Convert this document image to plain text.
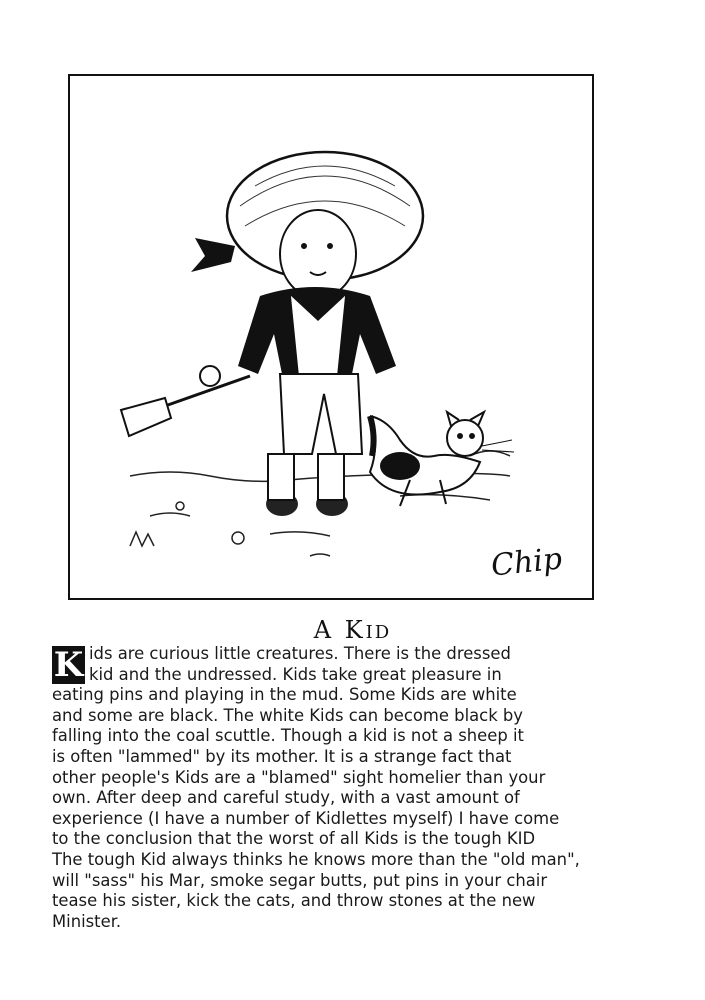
Chip
A KID
K ids are curious little creatures. There is the dressed
kid and the undressed. Kids take great pleasure in
eating pins and playing in the mud. Some Kids are white
and some are black. The white Kids can become black by
falling into the coal scuttle. Though a kid is not a sheep it
is often "lammed" by its mother. It is a strange fact that
other people's Kids are a "blamed" sight homelier than your
own. After deep and careful study, with a vast amount of
experience (I have a number of Kidlettes myself) I have come
to the conclusion that the worst of all Kids is the tough KID
The tough Kid always thinks he knows more than the "old man",
will "sass" his Mar, smoke segar butts, put pins in your chair
tease his sister, kick the cats, and throw stones at the new
Minister.
